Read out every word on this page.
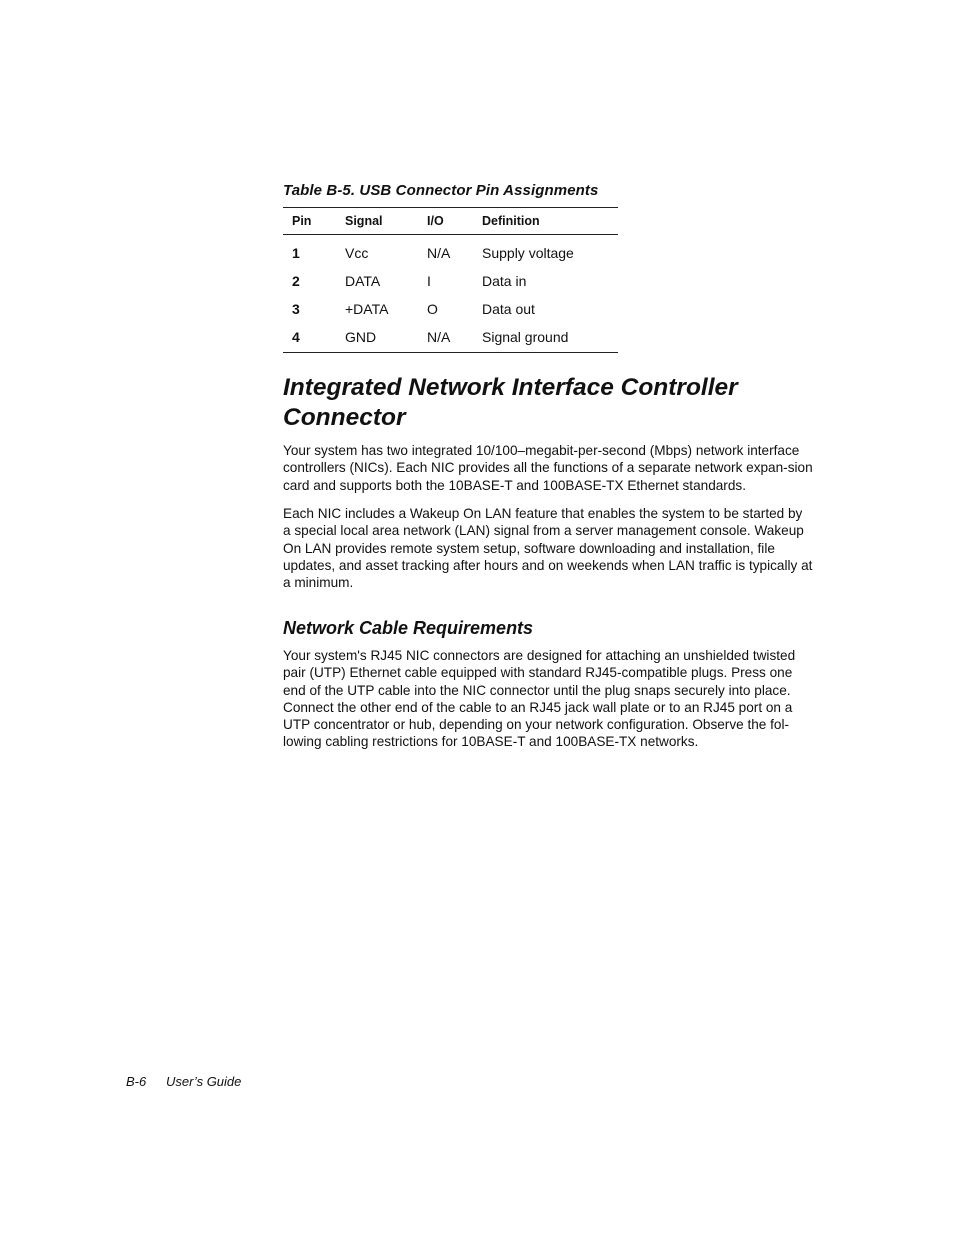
Table B-5. USB Connector Pin Assignments
Pin	Signal	I/O	Definition
1	Vcc	N/A	Supply voltage
2	DATA	I	Data in
3	+DATA	O	Data out
4	GND	N/A	Signal ground
Integrated Network Interface Controller Connector

Your system has two integrated 10/100–megabit-per-second (Mbps) network interface controllers (NICs). Each NIC provides all the functions of a separate network expan-sion card and supports both the 10BASE-T and 100BASE-TX Ethernet standards.

Each NIC includes a Wakeup On LAN feature that enables the system to be started by a special local area network (LAN) signal from a server management console. Wakeup On LAN provides remote system setup, software downloading and installation, file updates, and asset tracking after hours and on weekends when LAN traffic is typically at a minimum.

Network Cable Requirements

Your system's RJ45 NIC connectors are designed for attaching an unshielded twisted pair (UTP) Ethernet cable equipped with standard RJ45-compatible plugs. Press one end of the UTP cable into the NIC connector until the plug snaps securely into place. Connect the other end of the cable to an RJ45 jack wall plate or to an RJ45 port on a UTP concentrator or hub, depending on your network configuration. Observe the fol-lowing cabling restrictions for 10BASE-T and 100BASE-TX networks.

B-6 User’s Guide
